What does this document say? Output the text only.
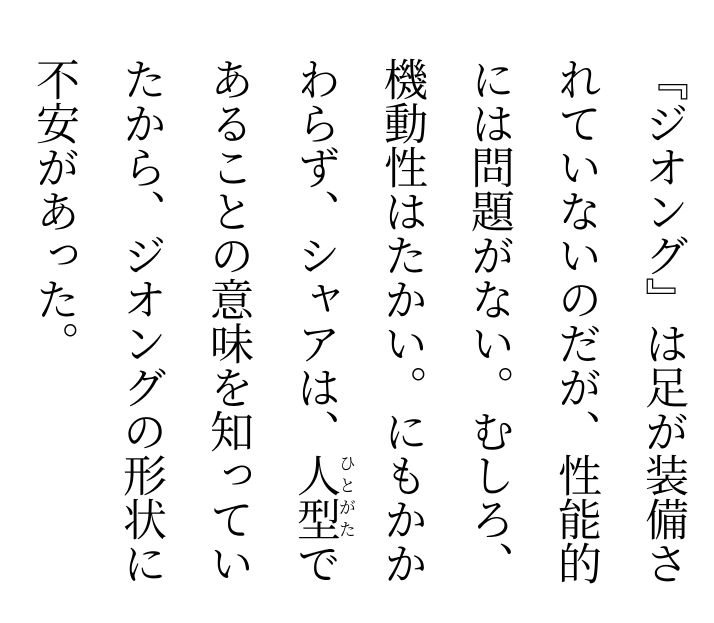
『ジオング』は足が装備さ

れていないのだが、性能的

には問題がない。むしろ、

機動性はたかい。にもかか

わらず、シャアは、人型ひとがたで

あることの意味を知ってい

たから、ジオングの形状に

不安があった。
